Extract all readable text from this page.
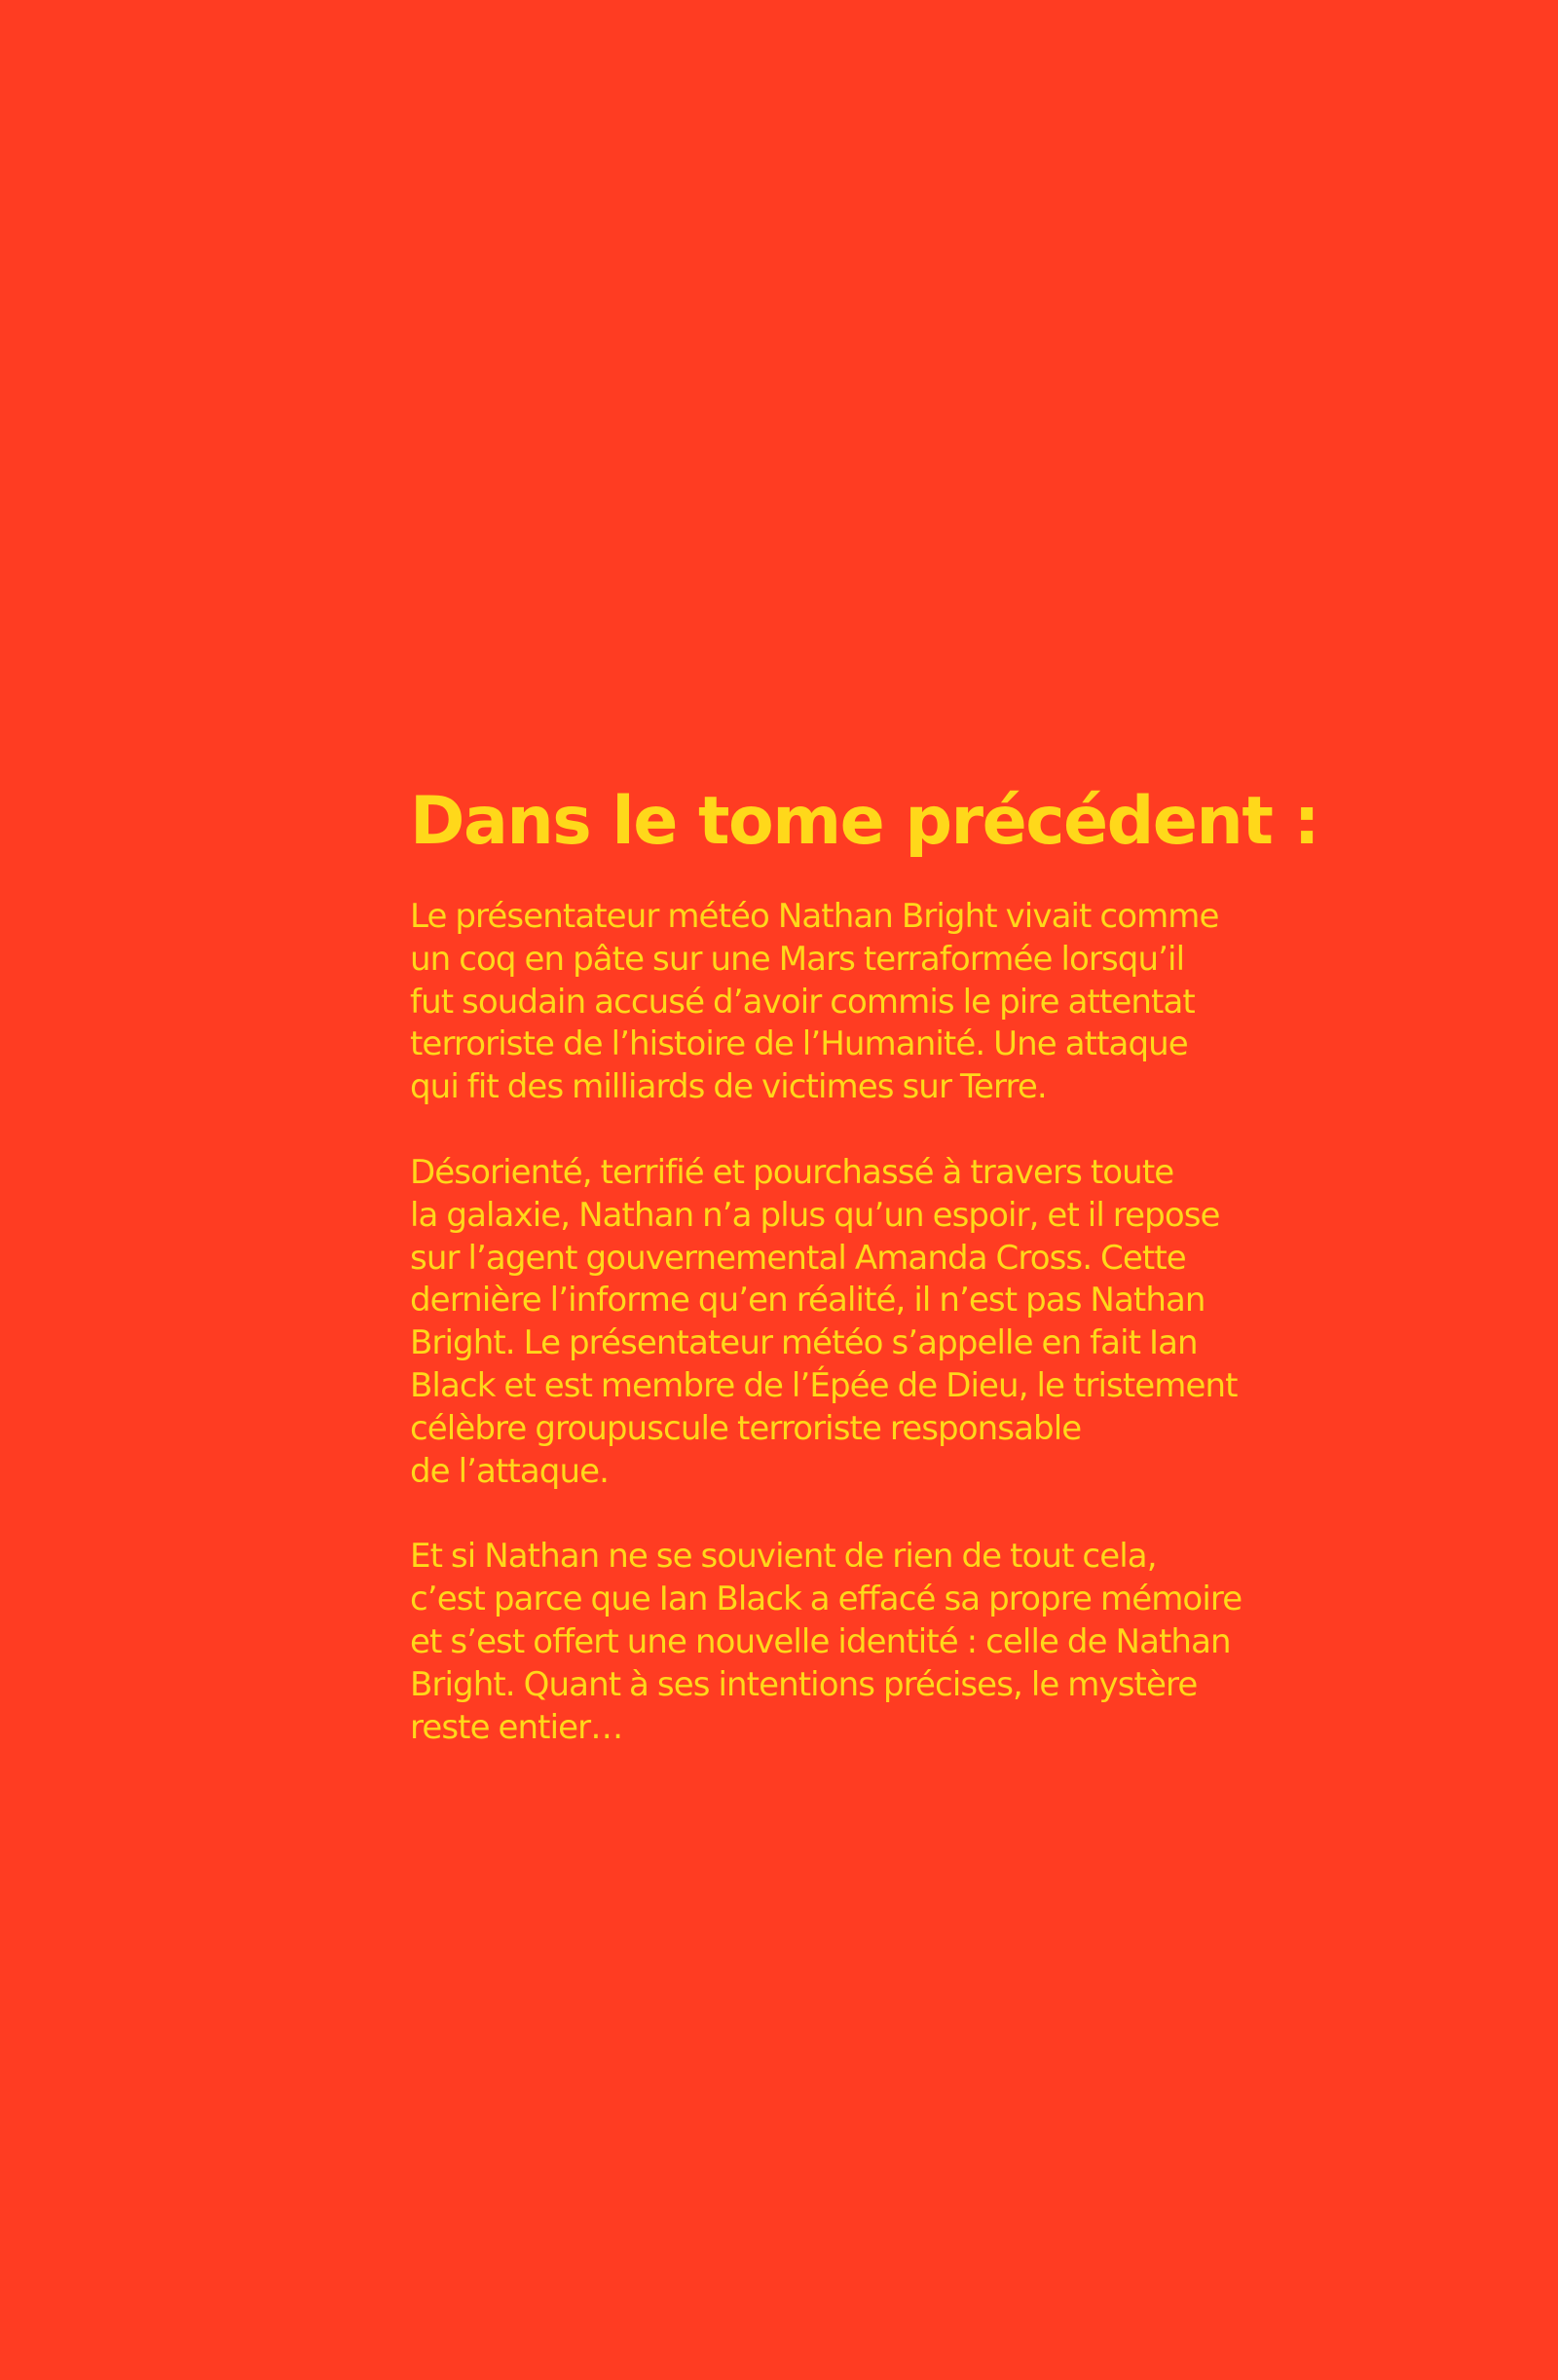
Dans le tome précédent :

Le présentateur météo Nathan Bright vivait comme
un coq en pâte sur une Mars terraformée lorsqu’il
fut soudain accusé d’avoir commis le pire attentat
terroriste de l’histoire de l’Humanité. Une attaque
qui fit des milliards de victimes sur Terre.

Désorienté, terrifié et pourchassé à travers toute
la galaxie, Nathan n’a plus qu’un espoir, et il repose
sur l’agent gouvernemental Amanda Cross. Cette
dernière l’informe qu’en réalité, il n’est pas Nathan
Bright. Le présentateur météo s’appelle en fait Ian
Black et est membre de l’Épée de Dieu, le tristement
célèbre groupuscule terroriste responsable
de l’attaque.

Et si Nathan ne se souvient de rien de tout cela,
c’est parce que Ian Black a effacé sa propre mémoire
et s’est offert une nouvelle identité : celle de Nathan
Bright. Quant à ses intentions précises, le mystère
reste entier…
